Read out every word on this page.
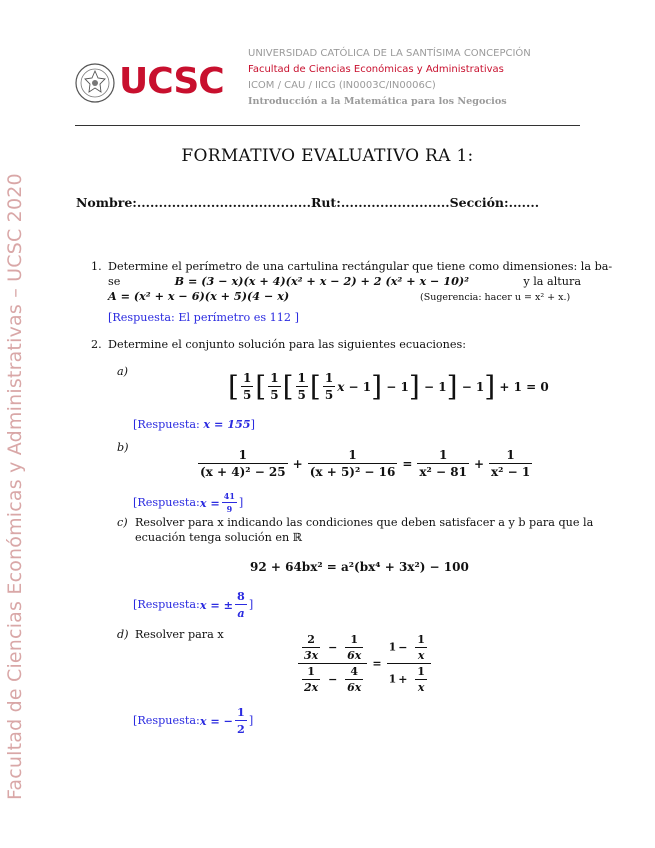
Facultad de Ciencias Económicas y Administrativas – UCSC 2020
UCSC
UNIVERSIDAD CATÓLICA DE LA SANTÍSIMA CONCEPCIÓN
Facultad de Ciencias Económicas y Administrativas
ICOM / CAU / IICG (IN0003C/IN0006C)
Introducción a la Matemática para los Negocios
FORMATIVO EVALUATIVO RA 1:
Nombre:........................................Rut:.........................Sección:.......
1. Determine el perímetro de una cartulina rectángular que tiene como dimensiones: la ba-
se	B = (3 − x)(x + 4)(x² + x − 2) + 2 (x² + x − 10)²	y la altura
A = (x² + x − 6)(x + 5)(4 − x)	(Sugerencia: hacer u = x² + x.)
[Respuesta: El perímetro es 112 ]
2. Determine el conjunto solución para las siguientes ecuaciones:
a)	[ $\frac{1}{5}$ [ $\frac{1}{5}$ [ $\frac{1}{5}$ [ $\frac{1}{5}$ x
− 1 ]
− 1 ]
− 1 ]
− 1 ]
+ 1 = 0
[Respuesta: x = 155]
b)
$\frac{1}{\text{(x + 4)² − 25}} + \frac{1}{\text{(x + 5)² − 16}} = \frac{1}{\text{x² − 81}} + \frac{1}{\text{x² − 1}}$
[Respuesta: $x = \frac{41}{9}$ ]
c) Resolver para x indicando las condiciones que deben satisfacer a y b para que la
ecuación tenga solución en ℝ
92 + 64bx² = a²(bx⁴ + 3x²) − 100
[Respuesta: x = ± $\frac{8}{a}$ ]
d) Resolver para x	$\frac{\frac{2}{3x} - \frac{1}{6x}}{\frac{1}{2x} - \frac{4}{6x}} = \frac{1 - \frac{1}{x}}{1 + \frac{1}{x}}$
[Respuesta: x = − $\frac{1}{2}$ ]
